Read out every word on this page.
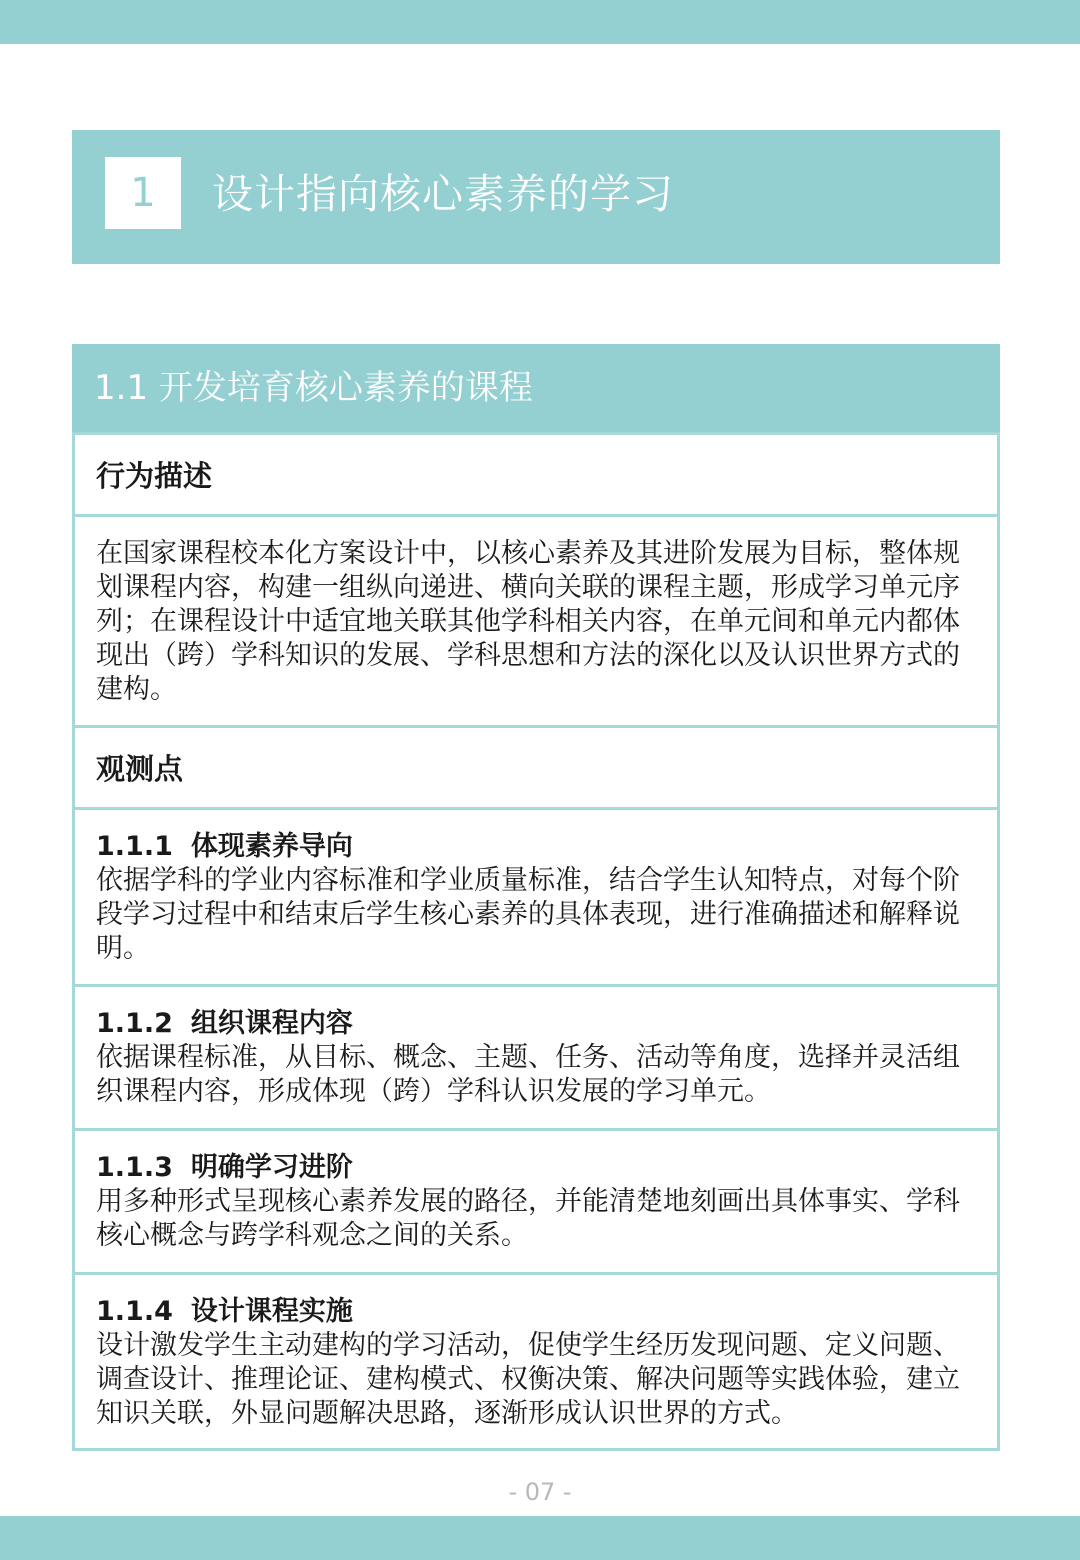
1	设计指向核心素养的学习
1.1 开发培育核心素养的课程
行为描述

在国家课程校本化方案设计中，以核心素养及其进阶发展为目标，整体规划课程内容，构建一组纵向递进、横向关联的课程主题，形成学习单元序列；在课程设计中适宜地关联其他学科相关内容，在单元间和单元内都体现出（跨）学科知识的发展、学科思想和方法的深化以及认识世界方式的建构。

观测点
1.1.1 体现素养导向

依据学科的学业内容标准和学业质量标准，结合学生认知特点，对每个阶段学习过程中和结束后学生核心素养的具体表现，进行准确描述和解释说明。

1.1.2 组织课程内容

依据课程标准，从目标、概念、主题、任务、活动等角度，选择并灵活组织课程内容，形成体现（跨）学科认识发展的学习单元。

1.1.3 明确学习进阶

用多种形式呈现核心素养发展的路径，并能清楚地刻画出具体事实、学科核心概念与跨学科观念之间的关系。

1.1.4 设计课程实施

设计激发学生主动建构的学习活动，促使学生经历发现问题、定义问题、调查设计、推理论证、建构模式、权衡决策、解决问题等实践体验，建立知识关联，外显问题解决思路，逐渐形成认识世界的方式。

- 07 -
